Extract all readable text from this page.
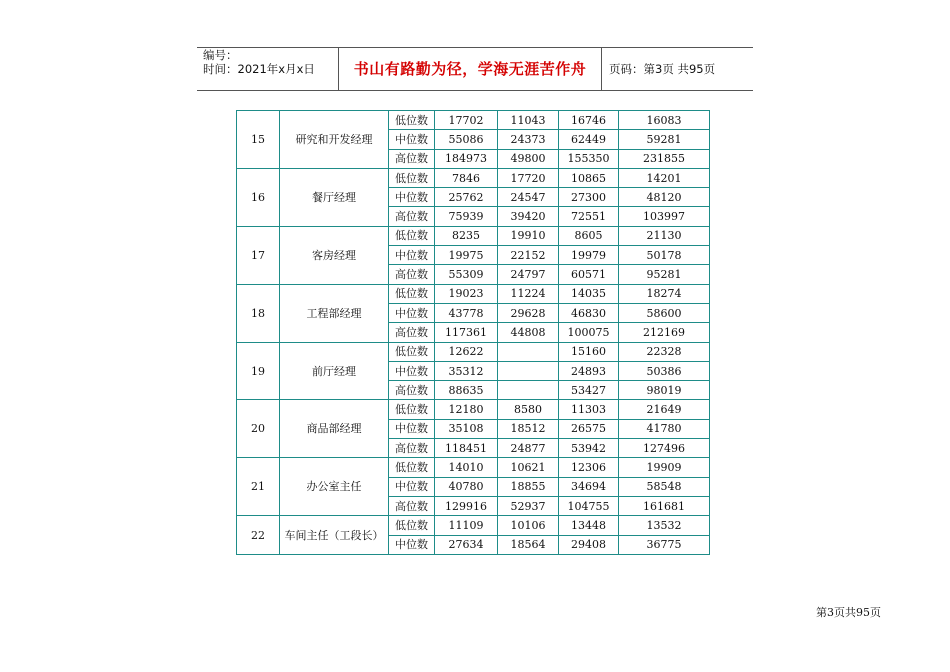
编号：
时间：2021年x月x日	书山有路勤为径，学海无涯苦作舟	页码：第3页 共95页
15	研究和开发经理	低位数	17702	11043	16746	16083
		中位数	55086	24373	62449	59281
		高位数	184973	49800	155350	231855
16	餐厅经理	低位数	7846	17720	10865	14201
		中位数	25762	24547	27300	48120
		高位数	75939	39420	72551	103997
17	客房经理	低位数	8235	19910	8605	21130
		中位数	19975	22152	19979	50178
		高位数	55309	24797	60571	95281
18	工程部经理	低位数	19023	11224	14035	18274
		中位数	43778	29628	46830	58600
		高位数	117361	44808	100075	212169
19	前厅经理	低位数	12622		15160	22328
		中位数	35312		24893	50386
		高位数	88635		53427	98019
20	商品部经理	低位数	12180	8580	11303	21649
		中位数	35108	18512	26575	41780
		高位数	118451	24877	53942	127496
21	办公室主任	低位数	14010	10621	12306	19909
		中位数	40780	18855	34694	58548
		高位数	129916	52937	104755	161681
22	车间主任（工段长）	低位数	11109	10106	13448	13532
		中位数	27634	18564	29408	36775
第3页共95页
